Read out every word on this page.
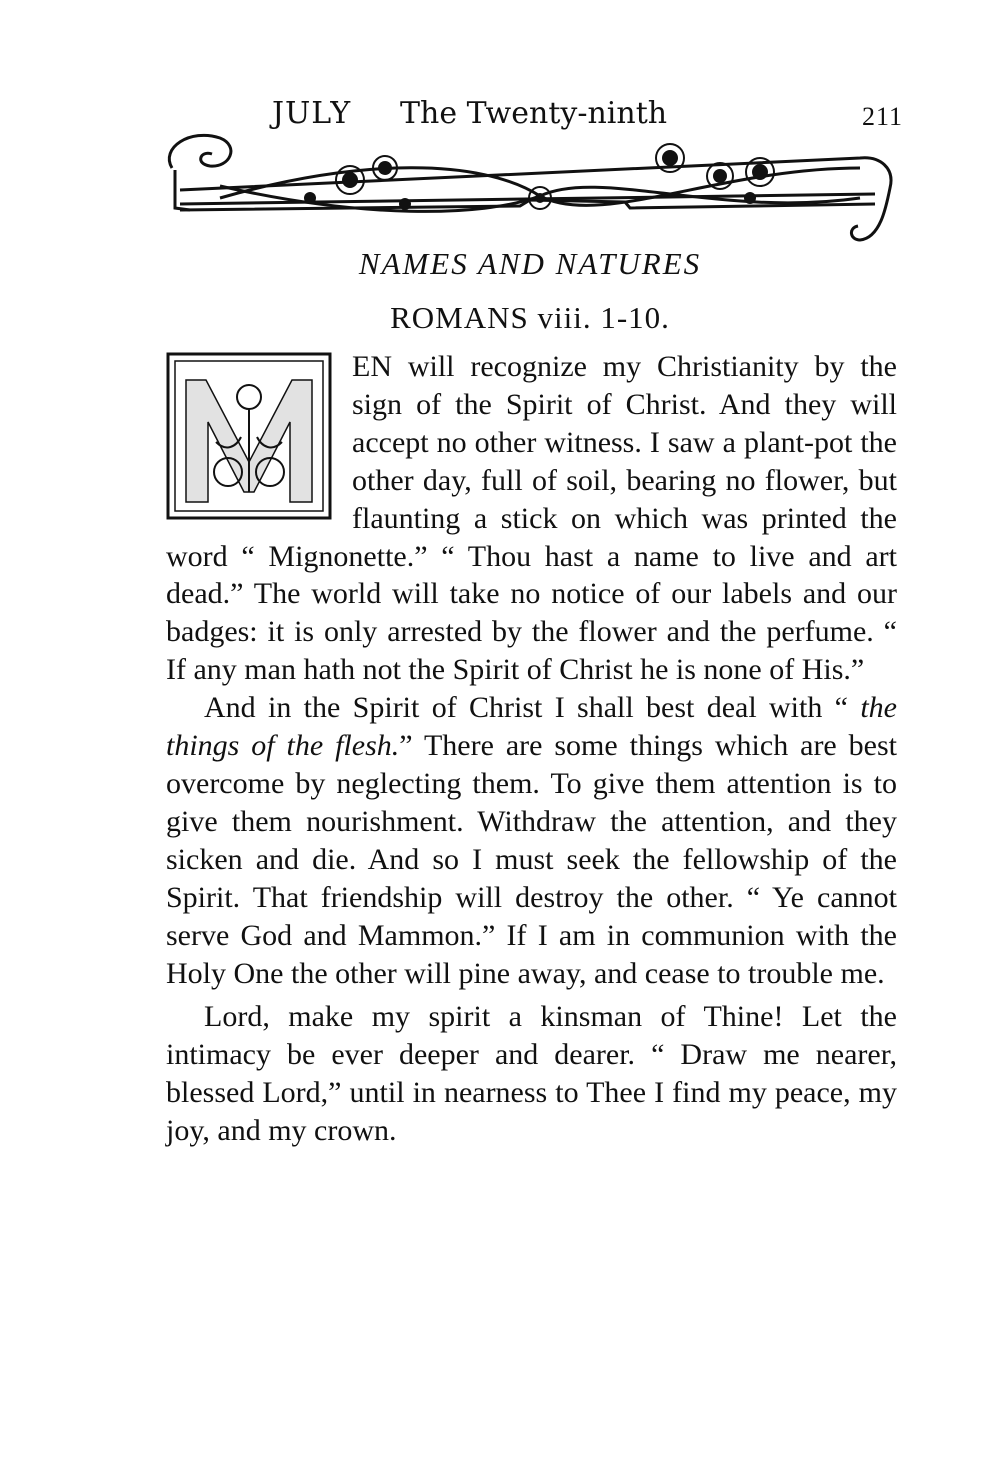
JULY The Twenty-ninth	211
NAMES AND NATURES
ROMANS viii. 1-10.
M

EN will recognize my Christianity by the sign of the Spirit of Christ. And they will accept no other witness. I saw a plant-pot the other day, full of soil, bearing no flower, but flaunting a stick on which was printed the word “ Mignonette.” “ Thou hast a name to live and art dead.” The world will take no notice of our labels and our badges: it is only arrested by the flower and the perfume. “ If any man hath not the Spirit of Christ he is none of His.”

And in the Spirit of Christ I shall best deal with “ the things of the flesh.” There are some things which are best overcome by neglecting them. To give them attention is to give them nourishment. Withdraw the attention, and they sicken and die. And so I must seek the fellowship of the Spirit. That friendship will destroy the other. “ Ye cannot serve God and Mammon.” If I am in communion with the Holy One the other will pine away, and cease to trouble me.

Lord, make my spirit a kinsman of Thine! Let the intimacy be ever deeper and dearer. “ Draw me nearer, blessed Lord,” until in nearness to Thee I find my peace, my joy, and my crown.
